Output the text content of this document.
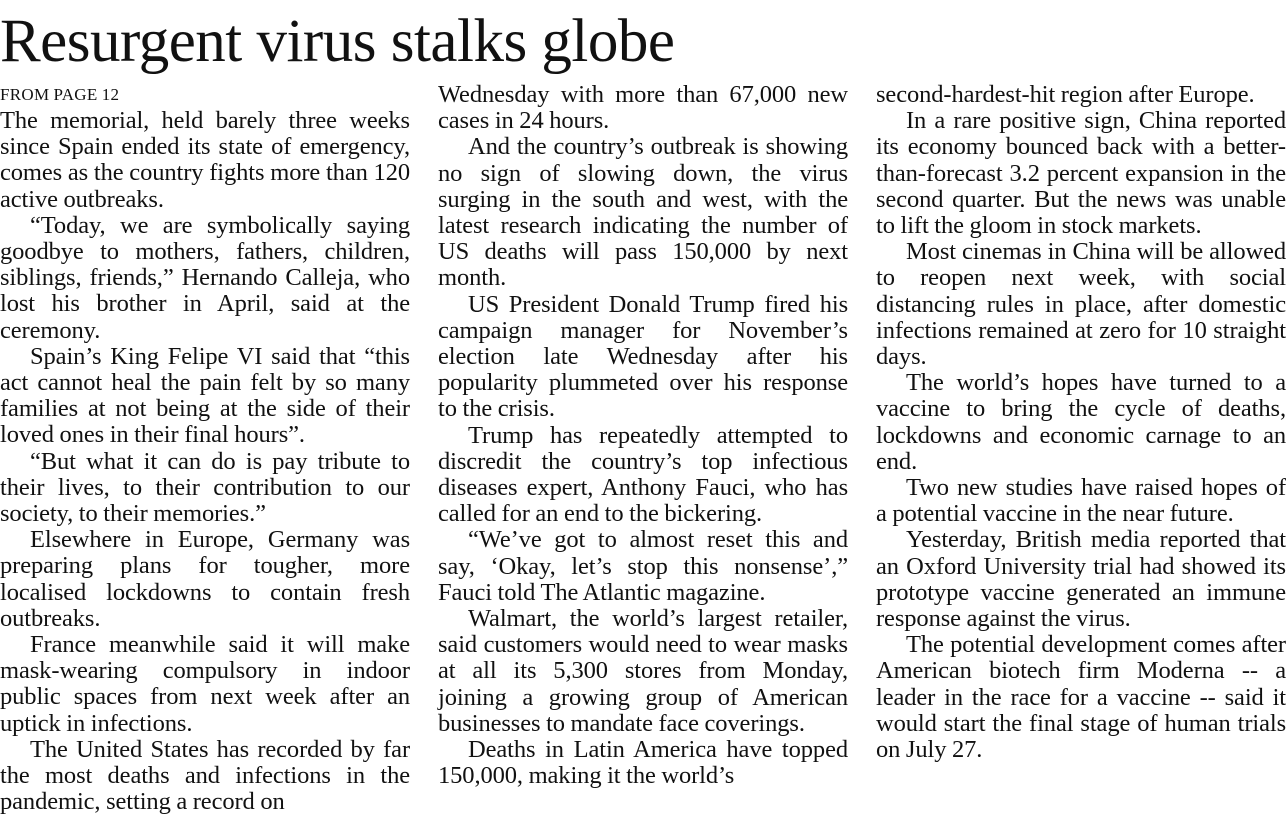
Resurgent virus stalks globe
FROM PAGE 12

The memorial, held barely three weeks since Spain ended its state of emergency, comes as the country fights more than 120 active outbreaks.

“Today, we are symbolically saying goodbye to mothers, fathers, children, siblings, friends,” Hernando Calleja, who lost his brother in April, said at the ceremony.

Spain’s King Felipe VI said that “this act cannot heal the pain felt by so many families at not being at the side of their loved ones in their final hours”.

“But what it can do is pay tribute to their lives, to their contribution to our society, to their memories.”

Elsewhere in Europe, Germany was preparing plans for tougher, more localised lockdowns to contain fresh outbreaks.

France meanwhile said it will make mask-wearing compulsory in indoor public spaces from next week after an uptick in infections.

The United States has recorded by far the most deaths and infections in the pandemic, setting a record on

Wednesday with more than 67,000 new cases in 24 hours.

And the country’s outbreak is showing no sign of slowing down, the virus surging in the south and west, with the latest research indicating the number of US deaths will pass 150,000 by next month.

US President Donald Trump fired his campaign manager for November’s election late Wednesday after his popularity plummeted over his response to the crisis.

Trump has repeatedly attempted to discredit the country’s top infectious diseases expert, Anthony Fauci, who has called for an end to the bickering.

“We’ve got to almost reset this and say, ‘Okay, let’s stop this nonsense’,” Fauci told The Atlantic magazine.

Walmart, the world’s largest retailer, said customers would need to wear masks at all its 5,300 stores from Monday, joining a growing group of American businesses to mandate face coverings.

Deaths in Latin America have topped 150,000, making it the world’s

second-hardest-hit region after Europe.

In a rare positive sign, China reported its economy bounced back with a better-than-forecast 3.2 percent expansion in the second quarter. But the news was unable to lift the gloom in stock markets.

Most cinemas in China will be allowed to reopen next week, with social distancing rules in place, after domestic infections remained at zero for 10 straight days.

The world’s hopes have turned to a vaccine to bring the cycle of deaths, lockdowns and economic carnage to an end.

Two new studies have raised hopes of a potential vaccine in the near future.

Yesterday, British media reported that an Oxford University trial had showed its prototype vaccine generated an immune response against the virus.

The potential development comes after American biotech firm Moderna -- a leader in the race for a vaccine -- said it would start the final stage of human trials on July 27.
